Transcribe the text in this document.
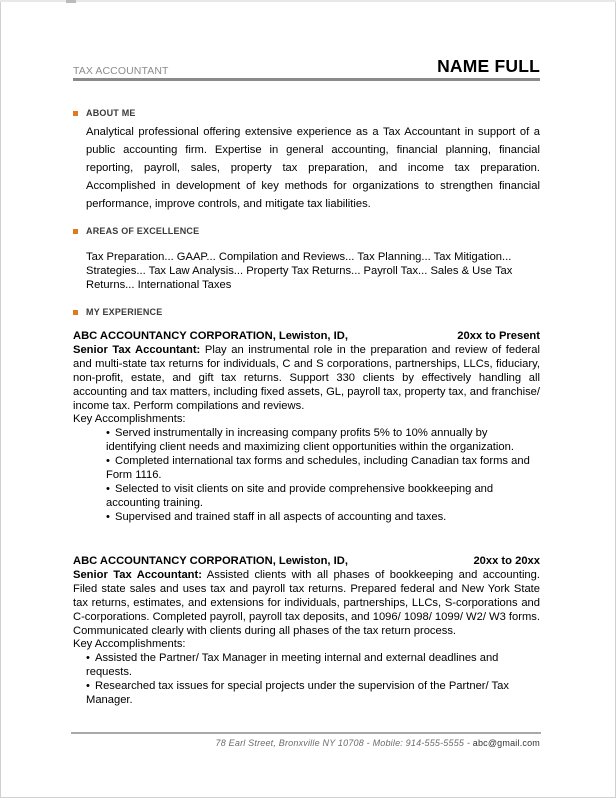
TAX ACCOUNTANT	NAME FULL
ABOUT ME
Analytical professional offering extensive experience as a Tax Accountant in support of a public accounting firm. Expertise in general accounting, financial planning, financial reporting, payroll, sales, property tax preparation, and income tax preparation. Accomplished in development of key methods for organizations to strengthen financial performance, improve controls, and mitigate tax liabilities.
AREAS OF EXCELLENCE
Tax Preparation... GAAP... Compilation and Reviews... Tax Planning... Tax Mitigation... Strategies... Tax Law Analysis... Property Tax Returns... Payroll Tax... Sales & Use Tax Returns... International Taxes
MY EXPERIENCE
ABC ACCOUNTANCY CORPORATION, Lewiston, ID,	20xx to Present
Senior Tax Accountant: Play an instrumental role in the preparation and review of federal and multi-state tax returns for individuals, C and S corporations, partnerships, LLCs, fiduciary, non-profit, estate, and gift tax returns. Support 330 clients by effectively handling all accounting and tax matters, including fixed assets, GL, payroll tax, property tax, and franchise/ income tax. Perform compilations and reviews.
Key Accomplishments:
• Served instrumentally in increasing company profits 5% to 10% annually by identifying client needs and maximizing client opportunities within the organization.
• Completed international tax forms and schedules, including Canadian tax forms and Form 1116.
• Selected to visit clients on site and provide comprehensive bookkeeping and accounting training.
• Supervised and trained staff in all aspects of accounting and taxes.
ABC ACCOUNTANCY CORPORATION, Lewiston, ID,	20xx to 20xx
Senior Tax Accountant: Assisted clients with all phases of bookkeeping and accounting. Filed state sales and uses tax and payroll tax returns. Prepared federal and New York State tax returns, estimates, and extensions for individuals, partnerships, LLCs, S-corporations and C-corporations. Completed payroll, payroll tax deposits, and 1096/ 1098/ 1099/ W2/ W3 forms. Communicated clearly with clients during all phases of the tax return process.
Key Accomplishments:
• Assisted the Partner/ Tax Manager in meeting internal and external deadlines and requests.
• Researched tax issues for special projects under the supervision of the Partner/ Tax Manager.
78 Earl Street, Bronxville NY 10708 - Mobile: 914-555-5555 - abc@gmail.com
